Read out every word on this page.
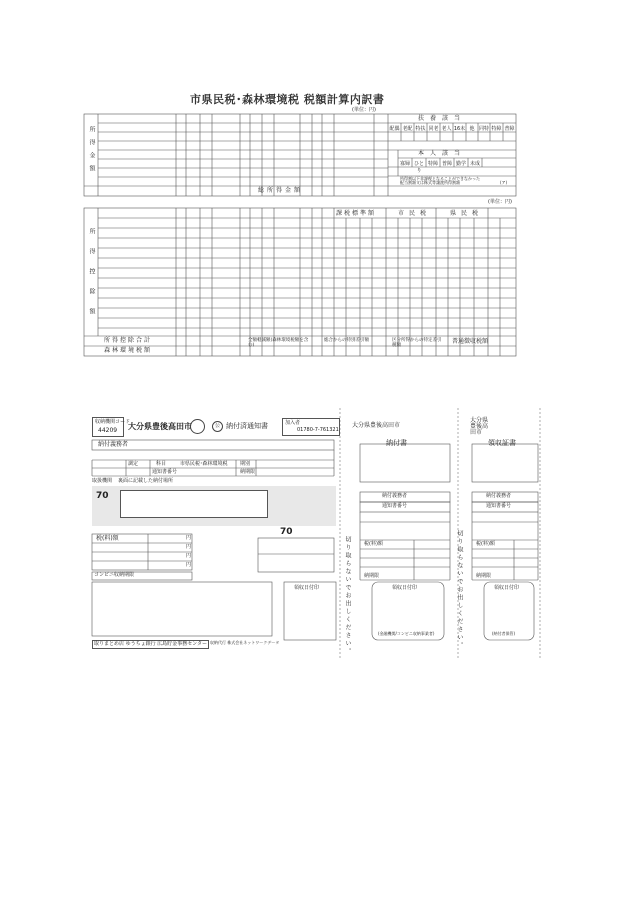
市県民税･森林環境税 税額計算内訳書
(単位：円)
所得金額
扶養該当
配偶 老配 特扶 同老 老人 16未 他 同特 特障 普障
本人該当
寡婦 ひとり
特障 普障 勤学 未成
所得割以下非課税となることができなかった
配当割額又は株式等譲渡所得割額	(ア)
総所得金額
(単位：円)
所得控除額
課税標準額	市民税	県民税
所得控除合計
森林環境税額
全額軽減額(森林環境税額を含む)
総合からの特別差引額	区分所得からの特定差引税額	普通徴収税額
収納機関コード
44209 大分県豊後高田市	公 納付済通知書	加入者
01780-7-761321
納付義務者
調定	科目	市県民税･森林環境税 期別
通知書番号	納期限
取扱機関 裏面に記載した納付場所
70
70
税(料)額	円
円
円
円
コンビニ収納期限
領収日付印	切り取らないでお出しください。
取りまとめ店 ゆうちょ銀行 広島貯金事務センター 収納代行 株式会社ネットワークデータ
大分県豊後高田市
納付書
納付義務者
通知書番号
税(料)額
納期限
領収日付印
(金融機関/コンビニ収納事業者)	切り取らないでお出しください。
大分県豊後高田市
領収証書
納付義務者
通知書番号
税(料)額
納期限
領収日付印
(納付者保管)
